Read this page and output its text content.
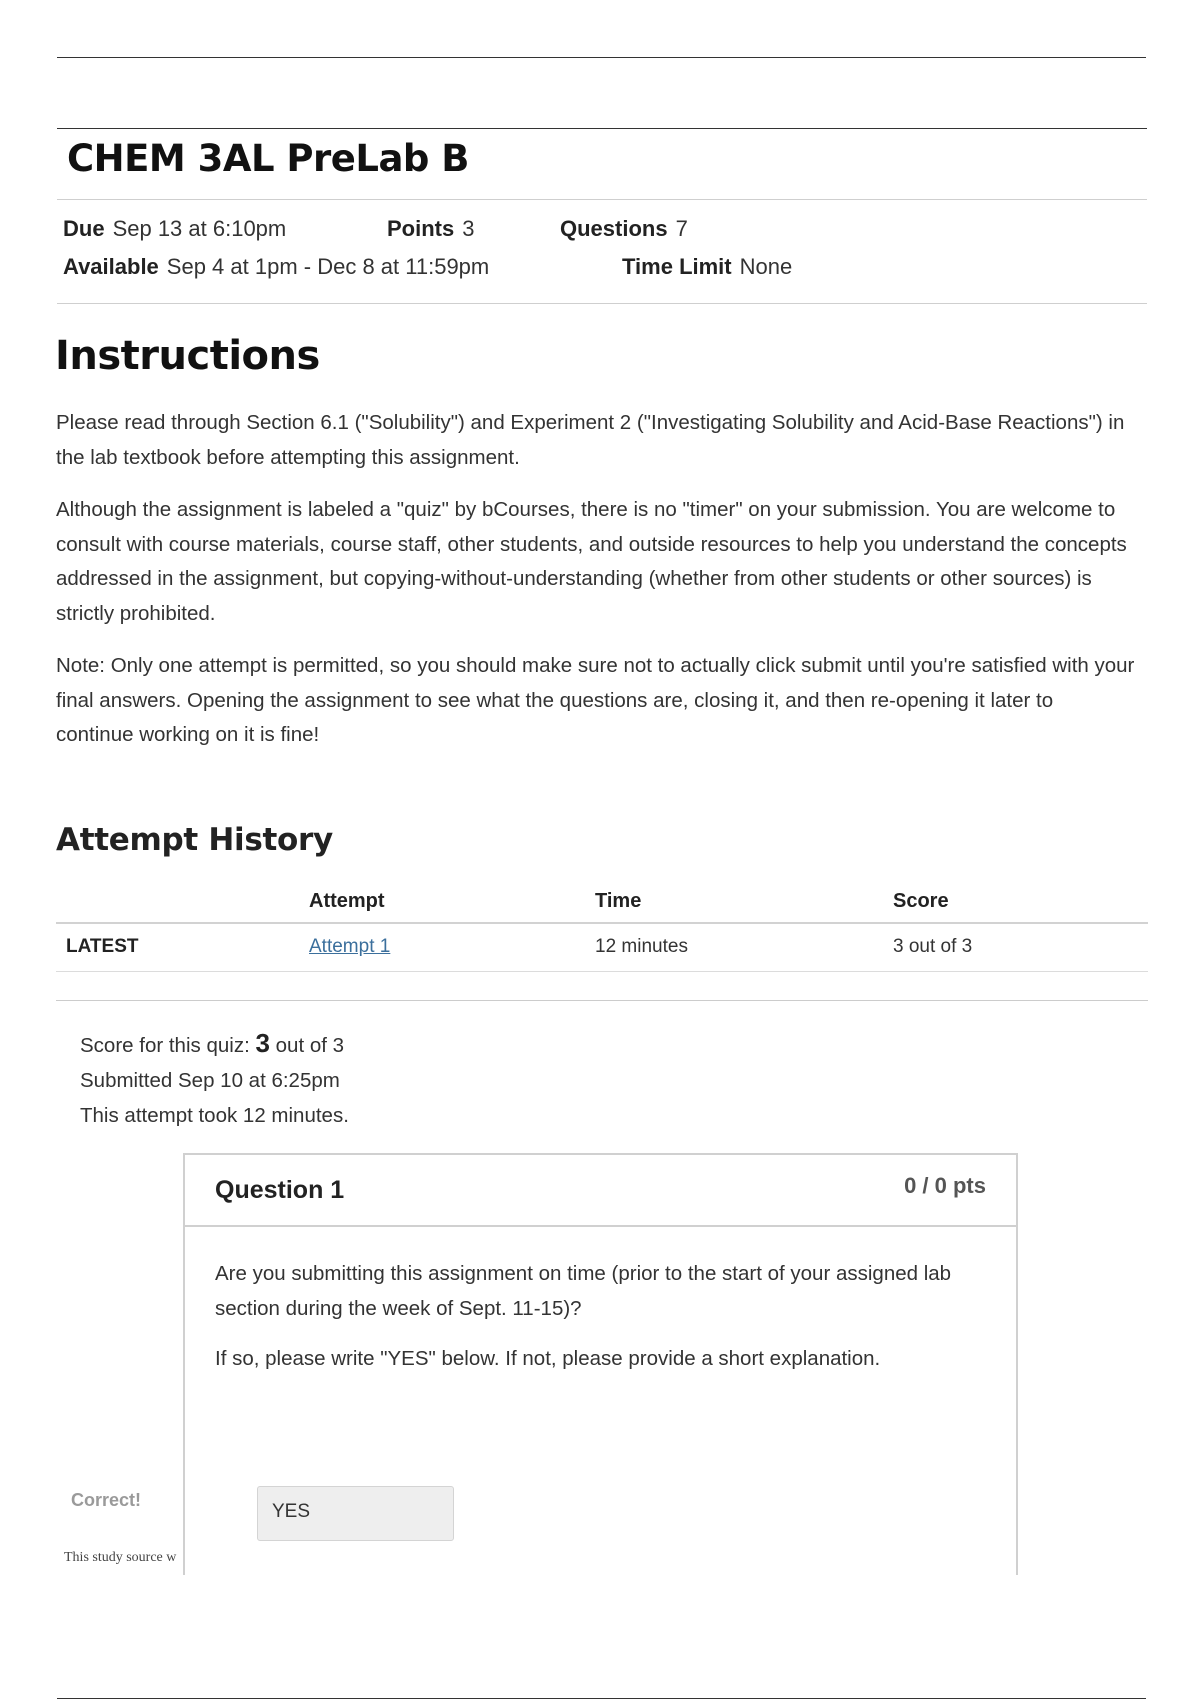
CHEM 3AL PreLab B
Due Sep 13 at 6:10pm	Points 3	Questions 7
Available Sep 4 at 1pm - Dec 8 at 11:59pm	Time Limit None
Instructions

Please read through Section 6.1 ("Solubility") and Experiment 2 ("Investigating Solubility and Acid-Base Reactions") in the lab textbook before attempting this assignment.

Although the assignment is labeled a "quiz" by bCourses, there is no "timer" on your submission. You are welcome to consult with course materials, course staff, other students, and outside resources to help you understand the concepts addressed in the assignment, but copying-without-understanding (whether from other students or other sources) is strictly prohibited.

Note: Only one attempt is permitted, so you should make sure not to actually click submit until you're satisfied with your final answers. Opening the assignment to see what the questions are, closing it, and then re-opening it later to continue working on it is fine!

Attempt History
	Attempt	Time	Score
LATEST	Attempt 1	12 minutes	3 out of 3
Score for this quiz: 3 out of 3
Submitted Sep 10 at 6:25pm
This attempt took 12 minutes.
Question 1	0 / 0 pts

Are you submitting this assignment on time (prior to the start of your assigned lab section during the week of Sept. 11-15)?

If so, please write "YES" below. If not, please provide a short explanation.

YES
Correct!
This study source w
